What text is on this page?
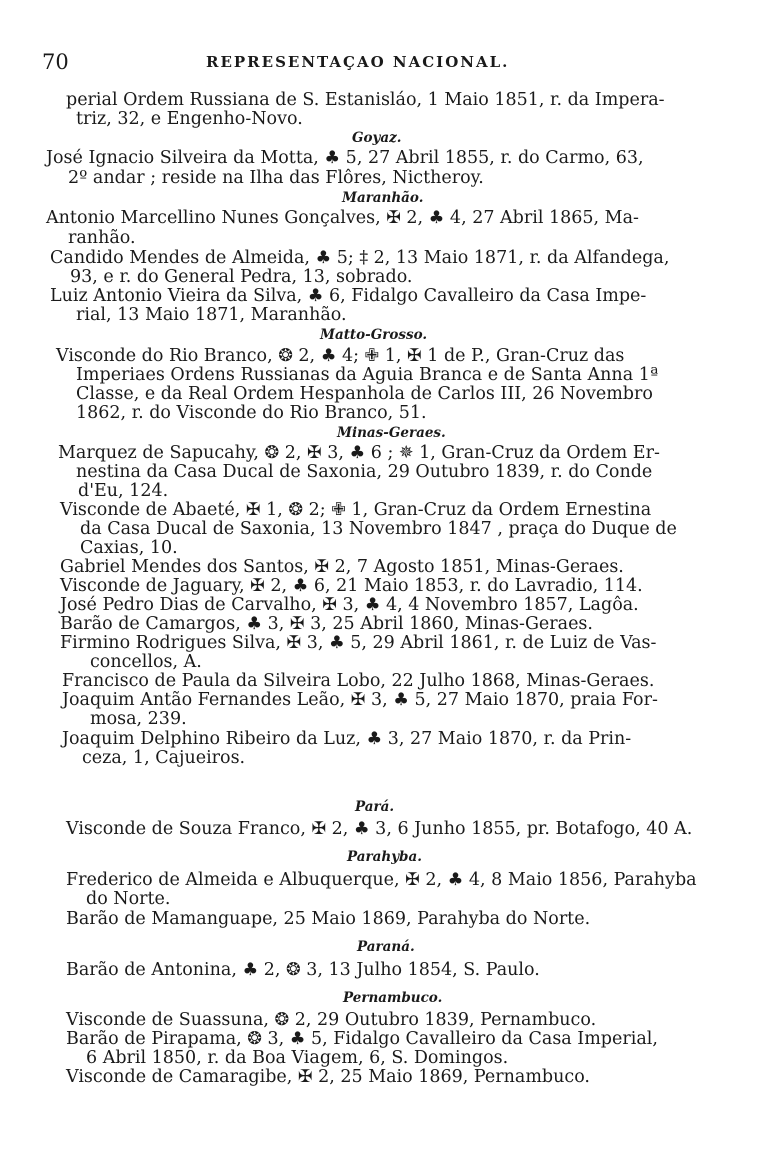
70	REPRESENTAÇAO NACIONAL.
perial Ordem Russiana de S. Estanisláo, 1 Maio 1851, r. da Impera-
triz, 32, e Engenho-Novo.
Goyaz.
José Ignacio Silveira da Motta, ♣ 5, 27 Abril 1855, r. do Carmo, 63,
2º andar ; reside na Ilha das Flôres, Nictheroy.
Maranhão.
Antonio Marcellino Nunes Gonçalves, ✠ 2, ♣ 4, 27 Abril 1865, Ma-
ranhão.
Candido Mendes de Almeida, ♣ 5; ‡ 2, 13 Maio 1871, r. da Alfandega,
93, e r. do General Pedra, 13, sobrado.
Luiz Antonio Vieira da Silva, ♣ 6, Fidalgo Cavalleiro da Casa Impe-
rial, 13 Maio 1871, Maranhão.
Matto-Grosso.
Visconde do Rio Branco, ❂ 2, ♣ 4; ✙ 1, ✠ 1 de P., Gran-Cruz das
Imperiaes Ordens Russianas da Aguia Branca e de Santa Anna 1ª
Classe, e da Real Ordem Hespanhola de Carlos III, 26 Novembro
1862, r. do Visconde do Rio Branco, 51.
Minas-Geraes.
Marquez de Sapucahy, ❂ 2, ✠ 3, ♣ 6 ; ✵ 1, Gran-Cruz da Ordem Er-
nestina da Casa Ducal de Saxonia, 29 Outubro 1839, r. do Conde
d'Eu, 124.
Visconde de Abaeté, ✠ 1, ❂ 2; ✙ 1, Gran-Cruz da Ordem Ernestina
da Casa Ducal de Saxonia, 13 Novembro 1847 , praça do Duque de
Caxias, 10.
Gabriel Mendes dos Santos, ✠ 2, 7 Agosto 1851, Minas-Geraes.
Visconde de Jaguary, ✠ 2, ♣ 6, 21 Maio 1853, r. do Lavradio, 114.
José Pedro Dias de Carvalho, ✠ 3, ♣ 4, 4 Novembro 1857, Lagôa.
Barão de Camargos, ♣ 3, ✠ 3, 25 Abril 1860, Minas-Geraes.
Firmino Rodrigues Silva, ✠ 3, ♣ 5, 29 Abril 1861, r. de Luiz de Vas-
concellos, A.
Francisco de Paula da Silveira Lobo, 22 Julho 1868, Minas-Geraes.
Joaquim Antão Fernandes Leão, ✠ 3, ♣ 5, 27 Maio 1870, praia For-
mosa, 239.
Joaquim Delphino Ribeiro da Luz, ♣ 3, 27 Maio 1870, r. da Prin-
ceza, 1, Cajueiros.
Pará.
Visconde de Souza Franco, ✠ 2, ♣ 3, 6 Junho 1855, pr. Botafogo, 40 A.
Parahyba.
Frederico de Almeida e Albuquerque, ✠ 2, ♣ 4, 8 Maio 1856, Parahyba
do Norte.
Barão de Mamanguape, 25 Maio 1869, Parahyba do Norte.
Paraná.
Barão de Antonina, ♣ 2, ❂ 3, 13 Julho 1854, S. Paulo.
Pernambuco.
Visconde de Suassuna, ❂ 2, 29 Outubro 1839, Pernambuco.
Barão de Pirapama, ❂ 3, ♣ 5, Fidalgo Cavalleiro da Casa Imperial,
6 Abril 1850, r. da Boa Viagem, 6, S. Domingos.
Visconde de Camaragibe, ✠ 2, 25 Maio 1869, Pernambuco.
